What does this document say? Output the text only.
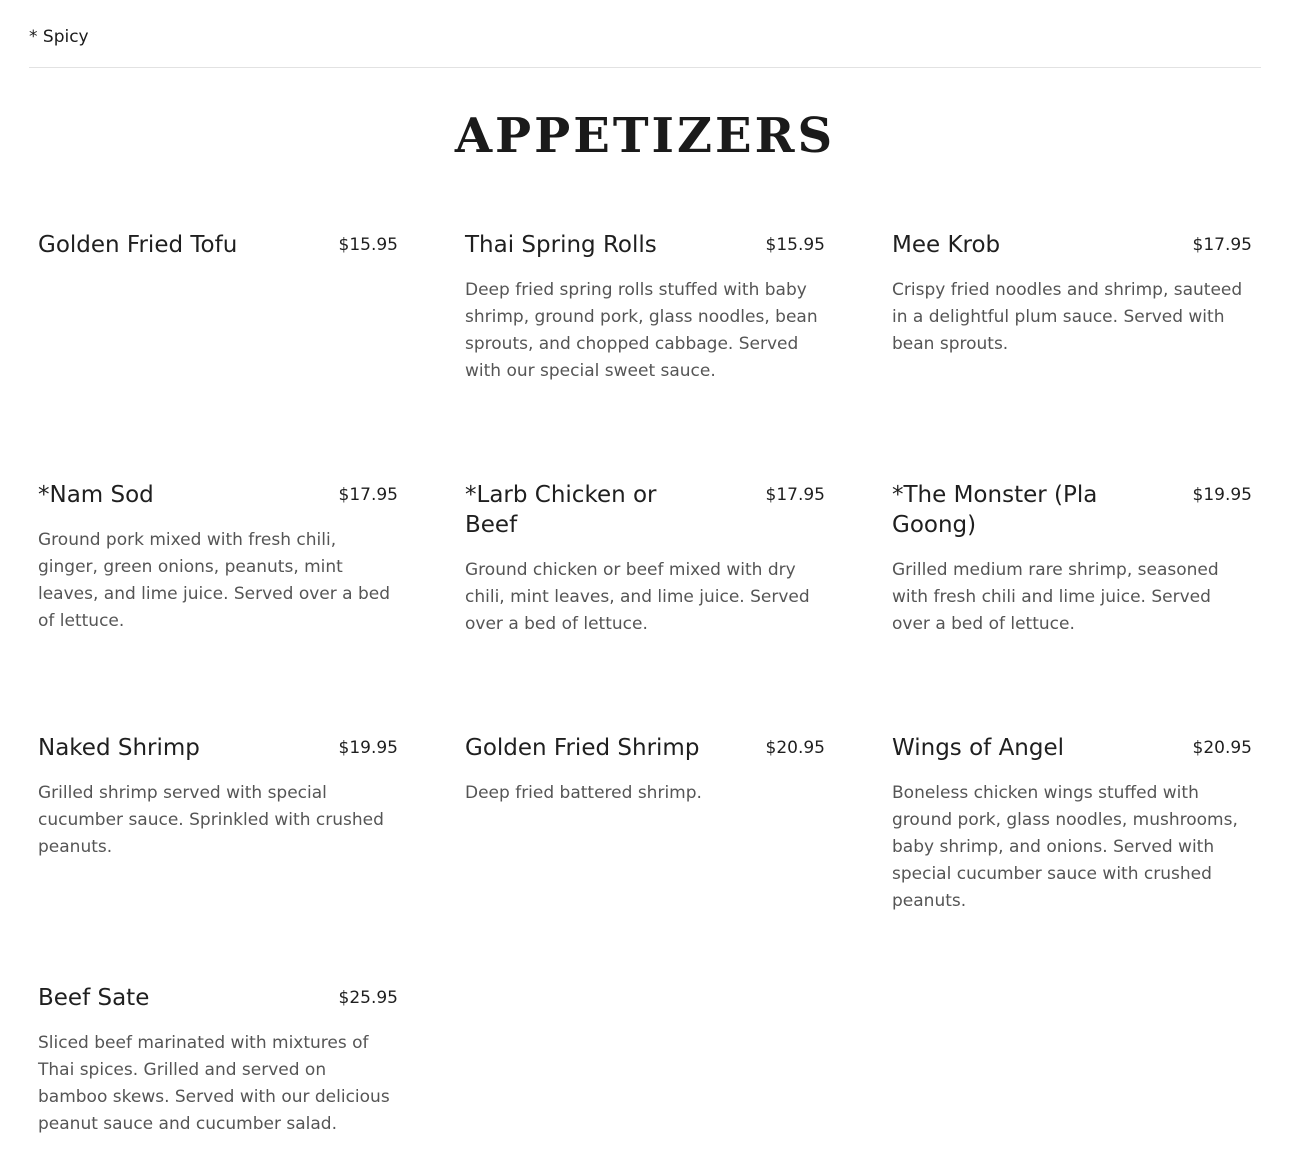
* Spicy
APPETIZERS
Golden Fried Tofu	$15.95	Thai Spring Rolls	$15.95
Deep fried spring rolls stuffed with baby shrimp, ground pork, glass noodles, bean sprouts, and chopped cabbage. Served with our special sweet sauce.
Mee Krob	$17.95
Crispy fried noodles and shrimp, sauteed in a delightful plum sauce. Served with bean sprouts.
*Nam Sod	$17.95
Ground pork mixed with fresh chili, ginger, green onions, peanuts, mint leaves, and lime juice. Served over a bed of lettuce.
*Larb Chicken or Beef
$17.95
Ground chicken or beef mixed with dry chili, mint leaves, and lime juice. Served over a bed of lettuce.
*The Monster (Pla Goong)
$19.95
Grilled medium rare shrimp, seasoned with fresh chili and lime juice. Served over a bed of lettuce.
Naked Shrimp	$19.95
Grilled shrimp served with special cucumber sauce. Sprinkled with crushed peanuts.
Golden Fried Shrimp	$20.95
Deep fried battered shrimp.
Wings of Angel	$20.95
Boneless chicken wings stuffed with ground pork, glass noodles, mushrooms, baby shrimp, and onions. Served with special cucumber sauce with crushed peanuts.
Beef Sate	$25.95
Sliced beef marinated with mixtures of Thai spices. Grilled and served on bamboo skews. Served with our delicious peanut sauce and cucumber salad.
